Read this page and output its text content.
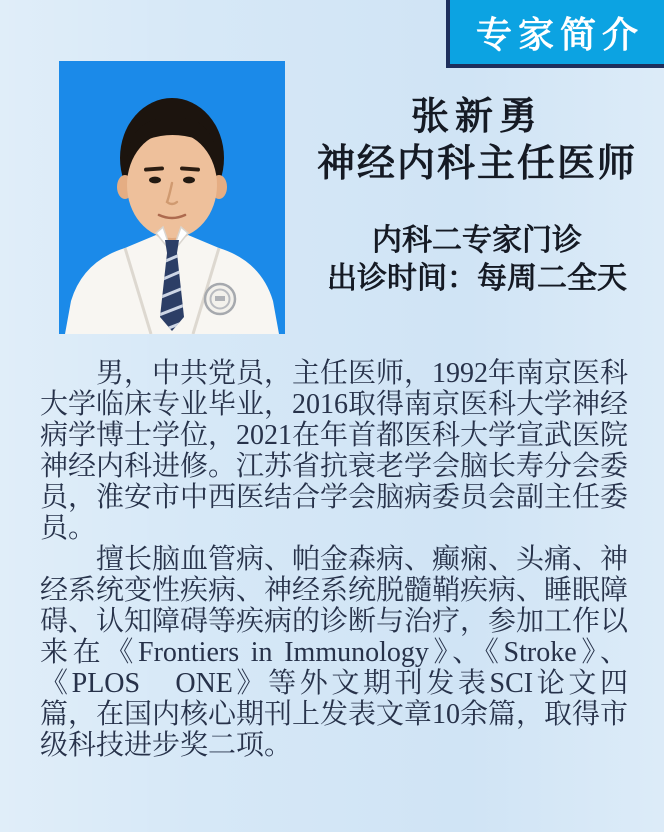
专家简介
张新勇
神经内科主任医师
内科二专家门诊
出诊时间：每周二全天

男，中共党员，主任医师，1992年南京医科大学临床专业毕业，2016取得南京医科大学神经病学博士学位，2021在年首都医科大学宣武医院神经内科进修。江苏省抗衰老学会脑长寿分会委员，淮安市中西医结合学会脑病委员会副主任委员。

擅长脑血管病、帕金森病、癫痫、头痛、神经系统变性疾病、神经系统脱髓鞘疾病、睡眠障碍、认知障碍等疾病的诊断与治疗，参加工作以来在《Frontiers in Immunology》、《Stroke》、《PLOS　ONE》等外文期刊发表SCI论文四篇，在国内核心期刊上发表文章10余篇，取得市级科技进步奖二项。
